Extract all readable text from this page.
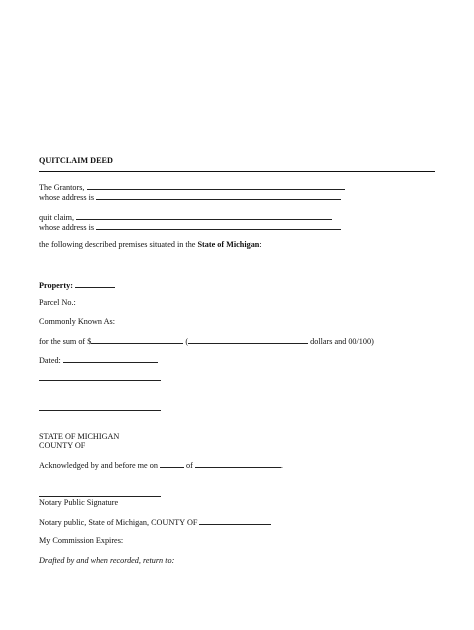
QUITCLAIM DEED
The Grantors,
whose address is
quit claim,
whose address is
the following described premises situated in the State of Michigan:
Property:
Parcel No.:
Commonly Known As:
for the sum of $	(	dollars and 00/100)
Dated:
STATE OF MICHIGAN
COUNTY OF
Acknowledged by and before me on	of	.
Notary Public Signature
Notary public, State of Michigan, COUNTY OF
My Commission Expires:
Drafted by and when recorded, return to:
